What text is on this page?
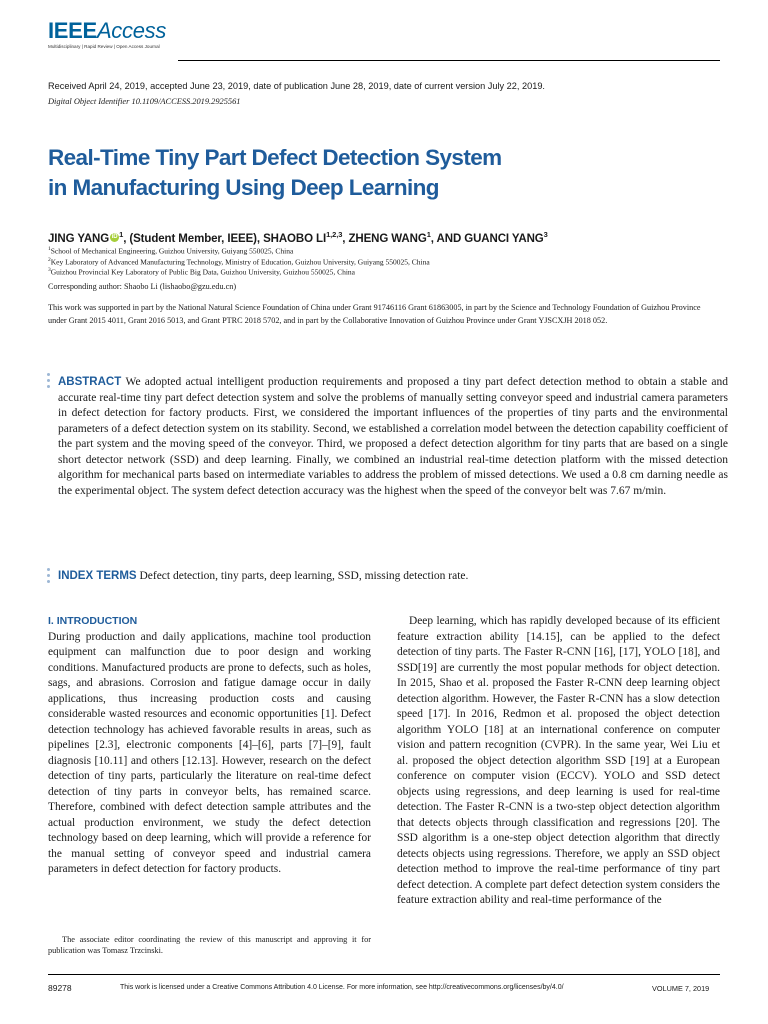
IEEEAccess
Multidisciplinary | Rapid Review | Open Access Journal
Received April 24, 2019, accepted June 23, 2019, date of publication June 28, 2019, date of current version July 22, 2019.
Digital Object Identifier 10.1109/ACCESS.2019.2925561
Real-Time Tiny Part Defect Detection System
in Manufacturing Using Deep Learning
JING YANG iD $^1$, (Student Member, IEEE), SHAOBO LI$^{1,2,3}$, ZHENG WANG$^1$, AND GUANCI YANG$^3$
$^1$School of Mechanical Engineering, Guizhou University, Guiyang 550025, China
$^2$Key Laboratory of Advanced Manufacturing Technology, Ministry of Education, Guizhou University, Guiyang 550025, China
$^3$Guizhou Provincial Key Laboratory of Public Big Data, Guizhou University, Guizhou 550025, China
Corresponding author: Shaobo Li (lishaobo@gzu.edu.cn)
This work was supported in part by the National Natural Science Foundation of China under Grant 91746116 Grant 61863005, in part by the Science and Technology Foundation of Guizhou Province under Grant 2015 4011, Grant 2016 5013, and Grant PTRC 2018 5702, and in part by the Collaborative Innovation of Guizhou Province under Grant YJSCXJH 2018 052.
ABSTRACT We adopted actual intelligent production requirements and proposed a tiny part defect detection method to obtain a stable and accurate real-time tiny part defect detection system and solve the problems of manually setting conveyor speed and industrial camera parameters in defect detection for factory products. First, we considered the important influences of the properties of tiny parts and the environmental parameters of a defect detection system on its stability. Second, we established a correlation model between the detection capability coefficient of the part system and the moving speed of the conveyor. Third, we proposed a defect detection algorithm for tiny parts that are based on a single short detector network (SSD) and deep learning. Finally, we combined an industrial real-time detection platform with the missed detection algorithm for mechanical parts based on intermediate variables to address the problem of missed detections. We used a 0.8 cm darning needle as the experimental object. The system defect detection accuracy was the highest when the speed of the conveyor belt was 7.67 m/min.
INDEX TERMS Defect detection, tiny parts, deep learning, SSD, missing detection rate.
I. INTRODUCTION
During production and daily applications, machine tool production equipment can malfunction due to poor design and working conditions. Manufactured products are prone to defects, such as holes, sags, and abrasions. Corrosion and fatigue damage occur in daily applications, thus increasing production costs and causing considerable wasted resources and economic opportunities [1]. Defect detection technology has achieved favorable results in areas, such as pipelines [2.3], electronic components [4]–[6], parts [7]–[9], fault diagnosis [10.11] and others [12.13]. However, research on the defect detection of tiny parts, particularly the literature on real-time defect detection of tiny parts in conveyor belts, has remained scarce. Therefore, combined with defect detection sample attributes and the actual production environment, we study the defect detection technology based on deep learning, which will provide a reference for the manual setting of conveyor speed and industrial camera parameters in defect detection for factory products.
Deep learning, which has rapidly developed because of its efficient feature extraction ability [14.15], can be applied to the defect detection of tiny parts. The Faster R-CNN [16], [17], YOLO [18], and SSD[19] are currently the most popular methods for object detection. In 2015, Shao et al. proposed the Faster R-CNN deep learning object detection algorithm. However, the Faster R-CNN has a slow detection speed [17]. In 2016, Redmon et al. proposed the object detection algorithm YOLO [18] at an international conference on computer vision and pattern recognition (CVPR). In the same year, Wei Liu et al. proposed the object detection algorithm SSD [19] at a European conference on computer vision (ECCV). YOLO and SSD detect objects using regressions, and deep learning is used for real-time detection. The Faster R-CNN is a two-step object detection algorithm that detects objects through classification and regressions [20]. The SSD algorithm is a one-step object detection algorithm that directly detects objects using regressions. Therefore, we apply an SSD object detection method to improve the real-time performance of tiny part defect detection. A complete part defect detection system considers the feature extraction ability and real-time performance of the
The associate editor coordinating the review of this manuscript and approving it for publication was Tomasz Trzcinski.
89278	This work is licensed under a Creative Commons Attribution 4.0 License. For more information, see http://creativecommons.org/licenses/by/4.0/	VOLUME 7, 2019
